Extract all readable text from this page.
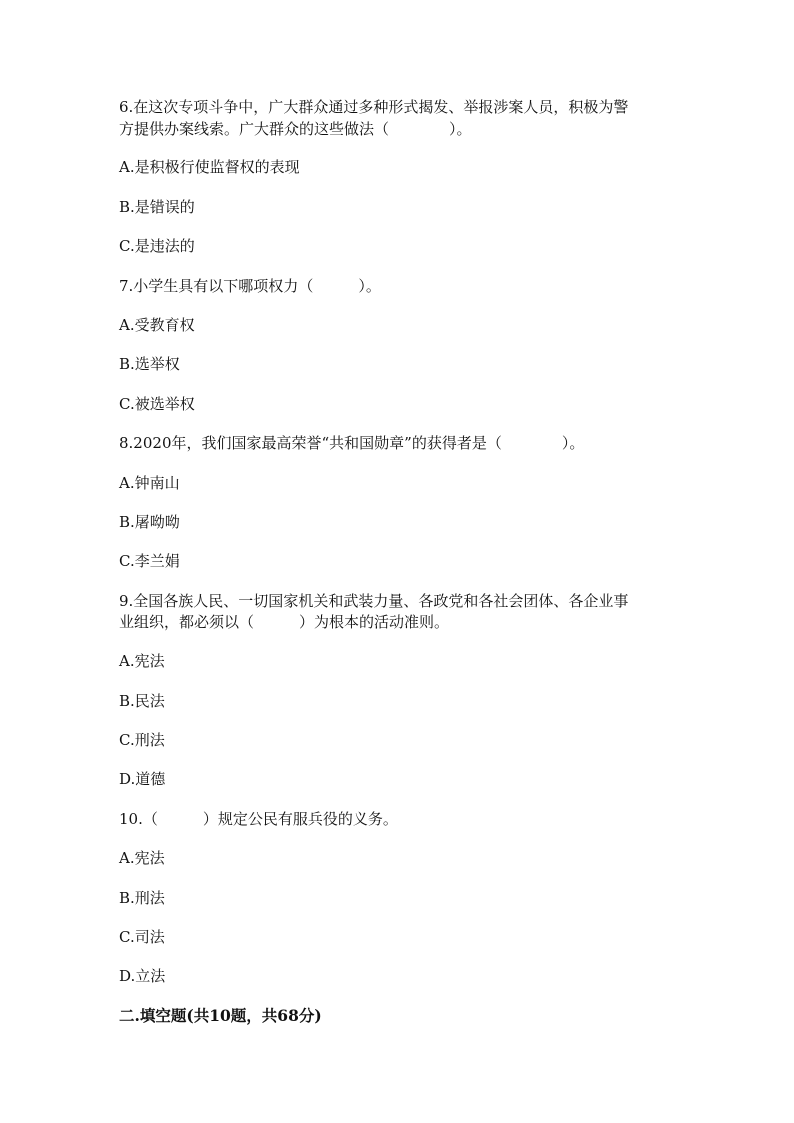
6.在这次专项斗争中，广大群众通过多种形式揭发、举报涉案人员，积极为警
方提供办案线索。广大群众的这些做法（　　　　）。
A.是积极行使监督权的表现
B.是错误的
C.是违法的
7.小学生具有以下哪项权力（　　　）。
A.受教育权
B.选举权
C.被选举权
8.2020年，我们国家最高荣誉“共和国勋章”的获得者是（　　　　）。
A.钟南山
B.屠呦呦
C.李兰娟
9.全国各族人民、一切国家机关和武装力量、各政党和各社会团体、各企业事
业组织，都必须以（　　　）为根本的活动准则。
A.宪法
B.民法
C.刑法
D.道德
10.（　　　）规定公民有服兵役的义务。
A.宪法
B.刑法
C.司法
D.立法
二.填空题(共10题，共68分)
